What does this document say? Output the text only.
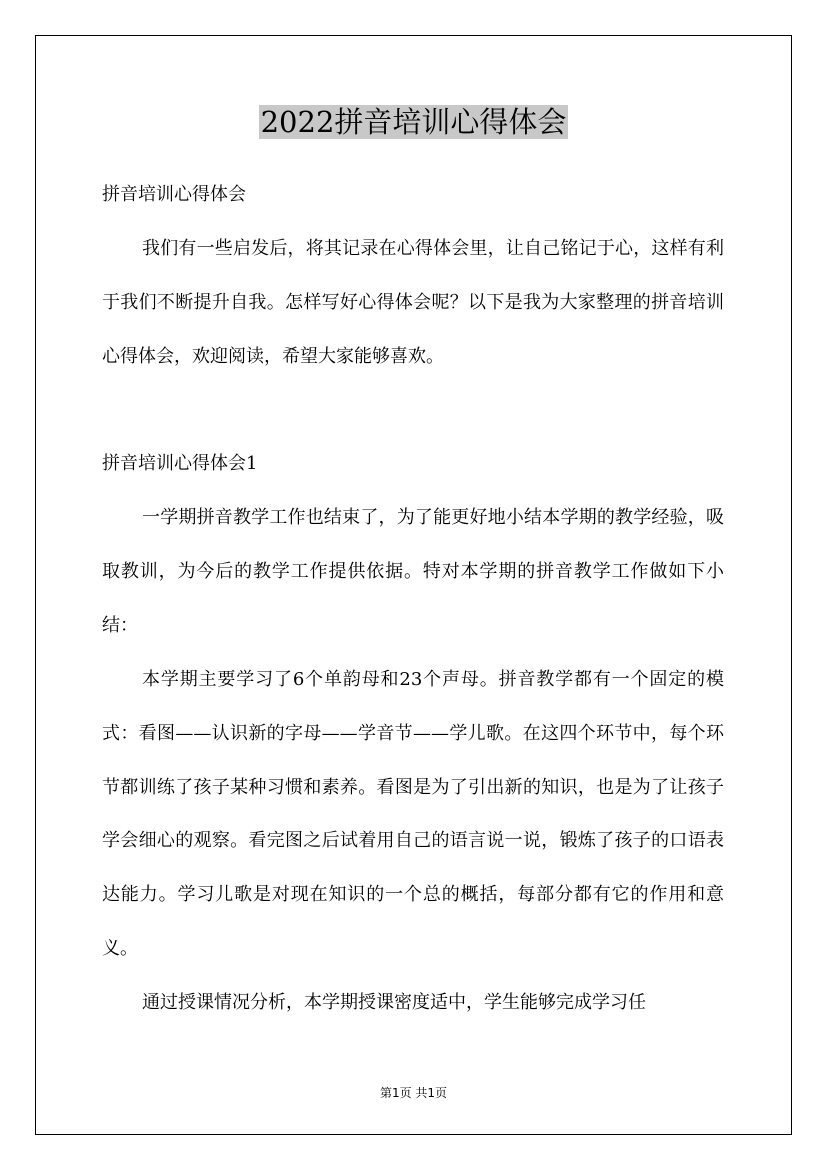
2022拼音培训心得体会

拼音培训心得体会

我们有一些启发后，将其记录在心得体会里，让自己铭记于心，这样有利于我们不断提升自我。怎样写好心得体会呢？以下是我为大家整理的拼音培训心得体会，欢迎阅读，希望大家能够喜欢。

拼音培训心得体会1

一学期拼音教学工作也结束了，为了能更好地小结本学期的教学经验，吸取教训，为今后的教学工作提供依据。特对本学期的拼音教学工作做如下小结：

本学期主要学习了6个单韵母和23个声母。拼音教学都有一个固定的模式：看图——认识新的字母——学音节——学儿歌。在这四个环节中，每个环节都训练了孩子某种习惯和素养。看图是为了引出新的知识，也是为了让孩子学会细心的观察。看完图之后试着用自己的语言说一说，锻炼了孩子的口语表达能力。学习儿歌是对现在知识的一个总的概括，每部分都有它的作用和意义。

通过授课情况分析，本学期授课密度适中，学生能够完成学习任

第1页 共1页
